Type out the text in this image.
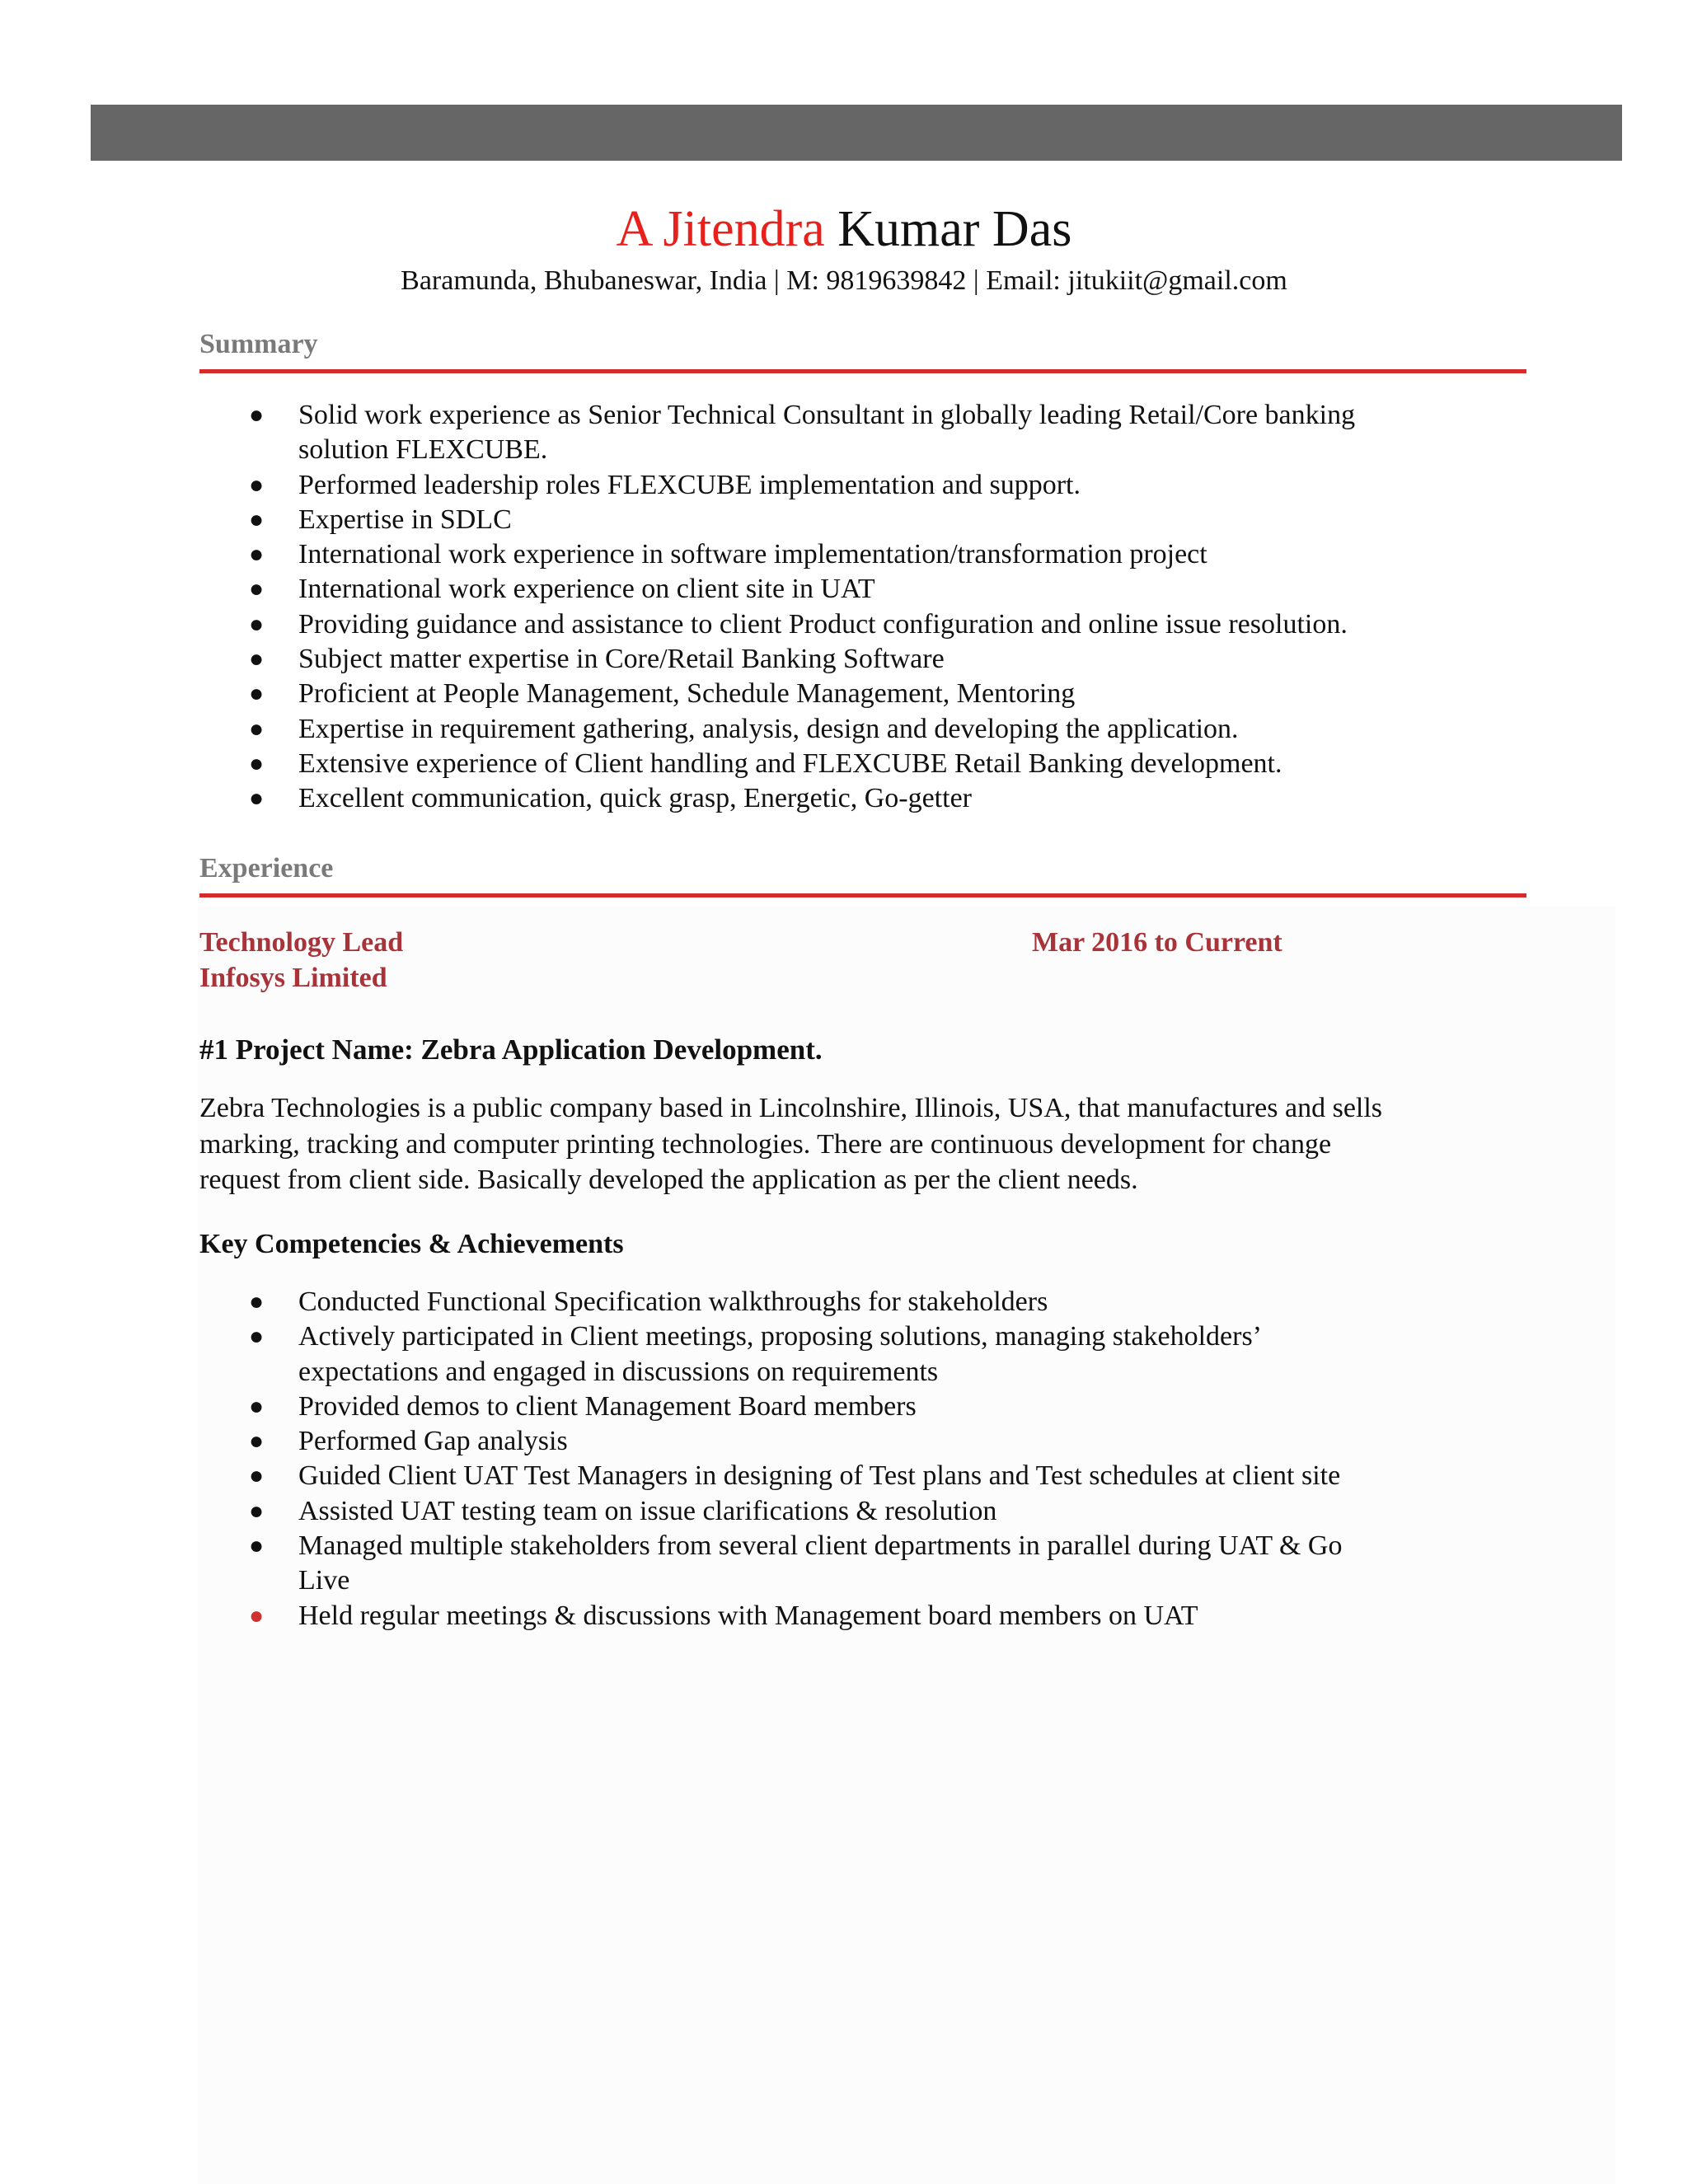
A Jitendra Kumar Das
Baramunda, Bhubaneswar, India | M: 9819639842 | Email: jitukiit@gmail.com
Summary
● Solid work experience as Senior Technical Consultant in globally leading Retail/Core banking
solution FLEXCUBE.
● Performed leadership roles FLEXCUBE implementation and support.
● Expertise in SDLC
● International work experience in software implementation/transformation project
● International work experience on client site in UAT
● Providing guidance and assistance to client Product configuration and online issue resolution.
● Subject matter expertise in Core/Retail Banking Software
● Proficient at People Management, Schedule Management, Mentoring
● Expertise in requirement gathering, analysis, design and developing the application.
● Extensive experience of Client handling and FLEXCUBE Retail Banking development.
● Excellent communication, quick grasp, Energetic, Go-getter
Experience
Technology Lead	Mar 2016 to Current
Infosys Limited
#1 Project Name: Zebra Application Development.
Zebra Technologies is a public company based in Lincolnshire, Illinois, USA, that manufactures and sells
marking, tracking and computer printing technologies. There are continuous development for change
request from client side. Basically developed the application as per the client needs.
Key Competencies & Achievements
● Conducted Functional Specification walkthroughs for stakeholders
● Actively participated in Client meetings, proposing solutions, managing stakeholders’
expectations and engaged in discussions on requirements
● Provided demos to client Management Board members
● Performed Gap analysis
● Guided Client UAT Test Managers in designing of Test plans and Test schedules at client site
● Assisted UAT testing team on issue clarifications & resolution
● Managed multiple stakeholders from several client departments in parallel during UAT & Go
Live
● Held regular meetings & discussions with Management board members on UAT
